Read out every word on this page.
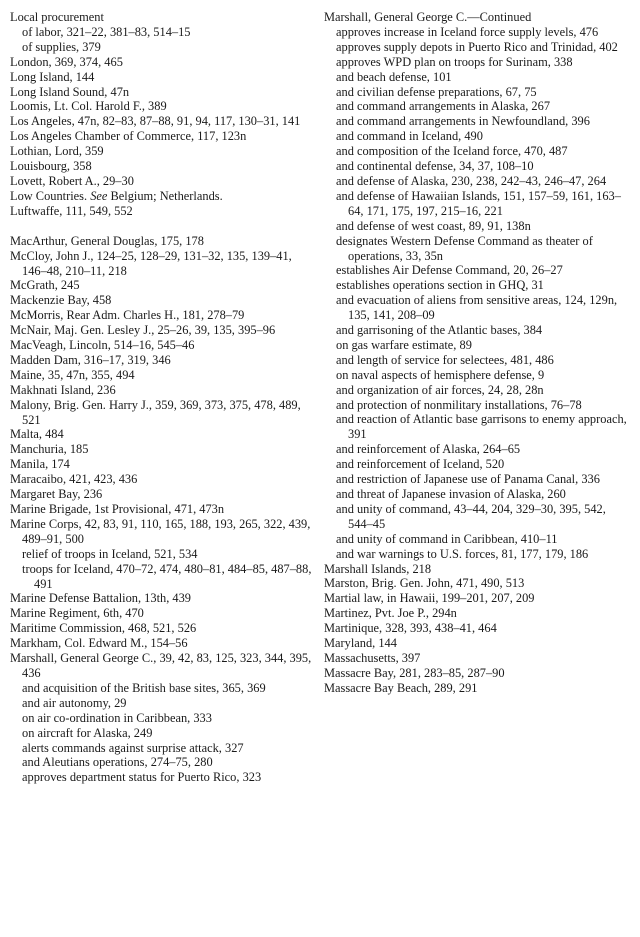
Local procurement
of labor, 321–22, 381–83, 514–15
of supplies, 379
London, 369, 374, 465
Long Island, 144
Long Island Sound, 47n
Loomis, Lt. Col. Harold F., 389
Los Angeles, 47n, 82–83, 87–88, 91, 94, 117, 130–31, 141
Los Angeles Chamber of Commerce, 117, 123n
Lothian, Lord, 359
Louisbourg, 358
Lovett, Robert A., 29–30
Low Countries. See Belgium; Netherlands.
Luftwaffe, 111, 549, 552
MacArthur, General Douglas, 175, 178
McCloy, John J., 124–25, 128–29, 131–32, 135, 139–41, 146–48, 210–11, 218
McGrath, 245
Mackenzie Bay, 458
McMorris, Rear Adm. Charles H., 181, 278–79
McNair, Maj. Gen. Lesley J., 25–26, 39, 135, 395–96
MacVeagh, Lincoln, 514–16, 545–46
Madden Dam, 316–17, 319, 346
Maine, 35, 47n, 355, 494
Makhnati Island, 236
Malony, Brig. Gen. Harry J., 359, 369, 373, 375, 478, 489, 521
Malta, 484
Manchuria, 185
Manila, 174
Maracaibo, 421, 423, 436
Margaret Bay, 236
Marine Brigade, 1st Provisional, 471, 473n
Marine Corps, 42, 83, 91, 110, 165, 188, 193, 265, 322, 439, 489–91, 500
relief of troops in Iceland, 521, 534
troops for Iceland, 470–72, 474, 480–81, 484–85, 487–88, 491
Marine Defense Battalion, 13th, 439
Marine Regiment, 6th, 470
Maritime Commission, 468, 521, 526
Markham, Col. Edward M., 154–56
Marshall, General George C., 39, 42, 83, 125, 323, 344, 395, 436
and acquisition of the British base sites, 365, 369
and air autonomy, 29
on air co-ordination in Caribbean, 333
on aircraft for Alaska, 249
alerts commands against surprise attack, 327
and Aleutians operations, 274–75, 280
approves department status for Puerto Rico, 323
Marshall, General George C.—Continued
approves increase in Iceland force supply levels, 476
approves supply depots in Puerto Rico and Trinidad, 402
approves WPD plan on troops for Surinam, 338
and beach defense, 101
and civilian defense preparations, 67, 75
and command arrangements in Alaska, 267
and command arrangements in Newfoundland, 396
and command in Iceland, 490
and composition of the Iceland force, 470, 487
and continental defense, 34, 37, 108–10
and defense of Alaska, 230, 238, 242–43, 246–47, 264
and defense of Hawaiian Islands, 151, 157–59, 161, 163–64, 171, 175, 197, 215–16, 221
and defense of west coast, 89, 91, 138n
designates Western Defense Command as theater of operations, 33, 35n
establishes Air Defense Command, 20, 26–27
establishes operations section in GHQ, 31
and evacuation of aliens from sensitive areas, 124, 129n, 135, 141, 208–09
and garrisoning of the Atlantic bases, 384
on gas warfare estimate, 89
and length of service for selectees, 481, 486
on naval aspects of hemisphere defense, 9
and organization of air forces, 24, 28, 28n
and protection of nonmilitary installations, 76–78
and reaction of Atlantic base garrisons to enemy approach, 391
and reinforcement of Alaska, 264–65
and reinforcement of Iceland, 520
and restriction of Japanese use of Panama Canal, 336
and threat of Japanese invasion of Alaska, 260
and unity of command, 43–44, 204, 329–30, 395, 542, 544–45
and unity of command in Caribbean, 410–11
and war warnings to U.S. forces, 81, 177, 179, 186
Marshall Islands, 218
Marston, Brig. Gen. John, 471, 490, 513
Martial law, in Hawaii, 199–201, 207, 209
Martinez, Pvt. Joe P., 294n
Martinique, 328, 393, 438–41, 464
Maryland, 144
Massachusetts, 397
Massacre Bay, 281, 283–85, 287–90
Massacre Bay Beach, 289, 291
